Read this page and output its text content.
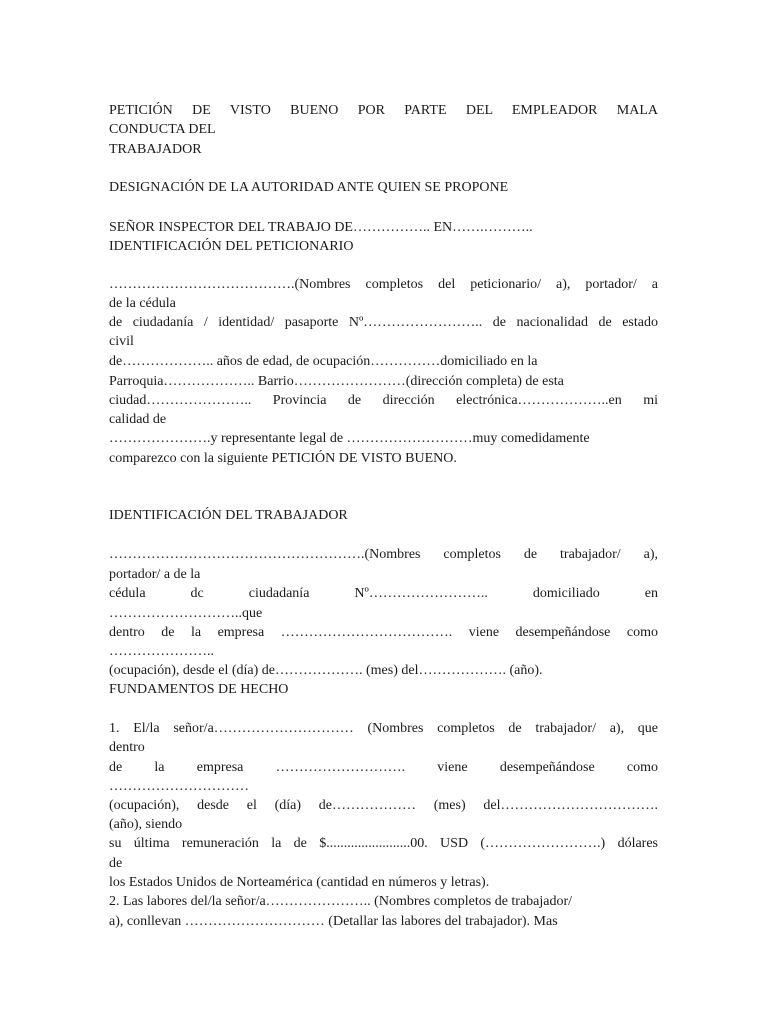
PETICIÓN DE VISTO BUENO POR PARTE DEL EMPLEADOR MALA

CONDUCTA DEL

TRABAJADOR

DESIGNACIÓN DE LA AUTORIDAD ANTE QUIEN SE PROPONE

SEÑOR INSPECTOR DEL TRABAJO DE…………….. EN…….………..

IDENTIFICACIÓN DEL PETICIONARIO

………………………………….(Nombres completos del peticionario/ a), portador/ a

de la cédula

de ciudadanía / identidad/ pasaporte Nº…………………….. de nacionalidad de estado

civil

de……………….. años de edad, de ocupación……………domiciliado en la

Parroquia……………….. Barrio……………………(dirección completa) de esta

ciudad………………….. Provincia de dirección electrónica………………..en mi

calidad de

………………….y representante legal de ………………………muy comedidamente

comparezco con la siguiente PETICIÓN DE VISTO BUENO.

IDENTIFICACIÓN DEL TRABAJADOR

……………………………………………….(Nombres completos de trabajador/ a),

portador/ a de la

cédula dc ciudadanía Nº…………………….. domiciliado en

………………………..que

dentro de la empresa ………………………………. viene desempeñándose como

…………………..

(ocupación), desde el (día) de………………. (mes) del………………. (año).

FUNDAMENTOS DE HECHO

1. El/la señor/a………………………… (Nombres completos de trabajador/ a), que

dentro

de la empresa ………………………. viene desempeñándose como

…………………………

(ocupación), desde el (día) de……………… (mes) del…………………………….

(año), siendo

su última remuneración la de $........................00. USD (…………………….) dólares

de

los Estados Unidos de Norteamérica (cantidad en números y letras).

2. Las labores del/la señor/a………………….. (Nombres completos de trabajador/

a), conllevan ………………………… (Detallar las labores del trabajador). Mas
